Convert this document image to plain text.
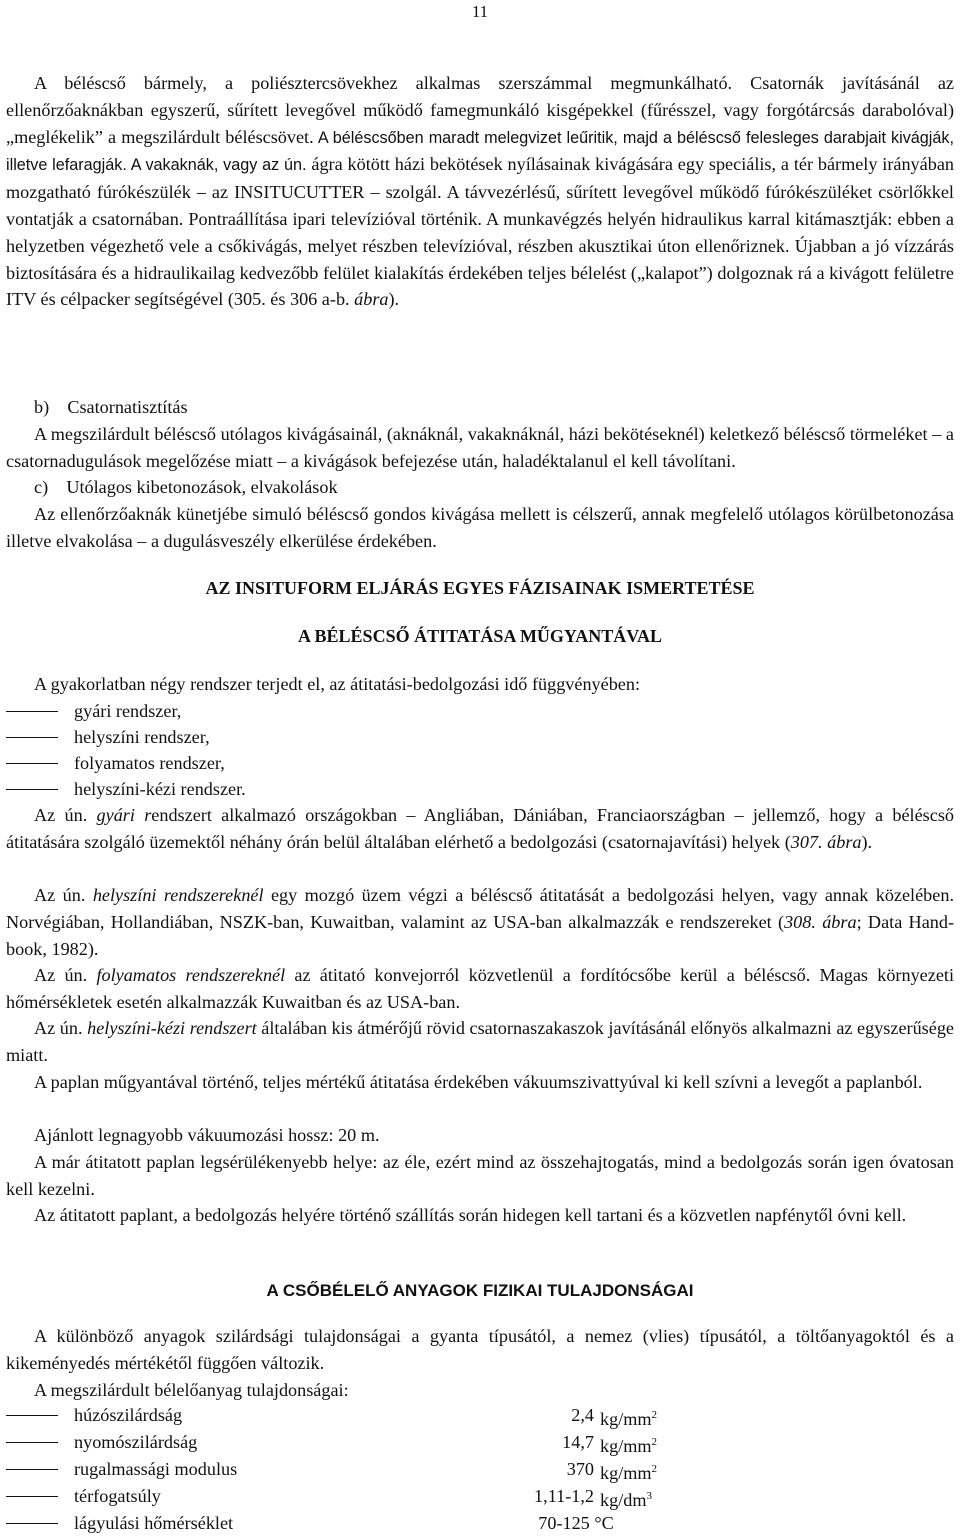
11
A béléscső bármely, a poliésztercsövekhez alkalmas szerszámmal megmunkálható. Csatornák javításánál az ellenőrzőaknákban egyszerű, sűrített levegővel működő famegmunkáló kisgépekkel (fűrésszel, vagy forgótárcsás darabolóval) „meglékelik” a megszilárdult béléscsövet. A béléscsőben maradt melegvizet leűritik, majd a béléscső felesleges darabjait kivágják, illetve lefaragják. A vakaknák, vagy az ún. ágra kötött házi bekötések nyílásainak kivágására egy speciális, a tér bármely irányában mozgatható fúrókészülék – az INSITUCUTTER – szolgál. A távvezérlésű, sűrített levegővel működő fúrókészüléket csörlőkkel vontatják a csatornában. Pontraállítása ipari televízióval történik. A munkavégzés helyén hidraulikus karral kitámasztják: ebben a helyzetben végezhető vele a csőkivágás, melyet részben televízióval, részben akusztikai úton ellenőriznek. Újabban a jó vízzárás biztosítására és a hidraulikailag kedvezőbb felület kialakítás érdekében teljes bélelést („kalapot”) dolgoznak rá a kivágott felületre ITV és célpacker segítségével (305. és 306 a-b. ábra).
b)    Csatornatisztítás
A megszilárdult béléscső utólagos kivágásainál, (aknáknál, vakaknáknál, házi bekötéseknél) keletkező béléscső törmeléket – a csatornadugulások megelőzése miatt – a kivágások befejezése után, haladéktalanul el kell távolítani.
c)    Utólagos kibetonozások, elvakolások
Az ellenőrzőaknák künetjébe simuló béléscső gondos kivágása mellett is célszerű, annak megfelelő utólagos körülbetonozása illetve elvakolása – a dugulásveszély elkerülése érdekében.
AZ INSITUFORM ELJÁRÁS EGYES FÁZISAINAK ISMERTETÉSE
A BÉLÉSCSŐ ÁTITATÁSA MŰGYANTÁVAL
A gyakorlatban négy rendszer terjedt el, az átitatási-bedolgozási idő függvényében:
gyári rendszer,
helyszíni rendszer,
folyamatos rendszer,
helyszíni-kézi rendszer.
Az ún. gyári rendszert alkalmazó országokban – Angliában, Dániában, Franciaországban – jellemző, hogy a béléscső átitatására szolgáló üzemektől néhány órán belül általában elérhető a bedolgozási (csatornajavítási) helyek (307. ábra).
Az ún. helyszíni rendszereknél egy mozgó üzem végzi a béléscső átitatását a bedolgozási helyen, vagy annak közelében. Norvégiában, Hollandiában, NSZK-ban, Kuwaitban, valamint az USA-ban alkalmazzák e rendszereket (308. ábra; Data Hand-book, 1982).
Az ún. folyamatos rendszereknél az átitató konvejorról közvetlenül a fordítócsőbe kerül a béléscső. Magas környezeti hőmérsékletek esetén alkalmazzák Kuwaitban és az USA-ban.
Az ún. helyszíni-kézi rendszert általában kis átmérőjű rövid csatornaszakaszok javításánál előnyös alkalmazni az egyszerűsége miatt.
A paplan műgyantával történő, teljes mértékű átitatása érdekében vákuumszivattyúval ki kell szívni a levegőt a paplanból.
Ajánlott legnagyobb vákuumozási hossz: 20 m.
A már átitatott paplan legsérülékenyebb helye: az éle, ezért mind az összehajtogatás, mind a bedolgozás során igen óvatosan kell kezelni.
Az átitatott paplant, a bedolgozás helyére történő szállítás során hidegen kell tartani és a közvetlen napfénytől óvni kell.
A CSŐBÉLELŐ ANYAGOK FIZIKAI TULAJDONSÁGAI
A különböző anyagok szilárdsági tulajdonságai a gyanta típusától, a nemez (vlies) típusától, a töltőanyagoktól és a kikeményedés mértékétől függően változik.
A megszilárdult bélelőanyag tulajdonságai:
húzószilárdság	2,4 $kg/mm^2$
nyomószilárdság	14,7 $kg/mm^2$
rugalmassági modulus	370 $kg/mm^2$
térfogatsúly	1,11-1,2 $kg/dm^3$
lágyulási hőmérséklet	70-125 °C
